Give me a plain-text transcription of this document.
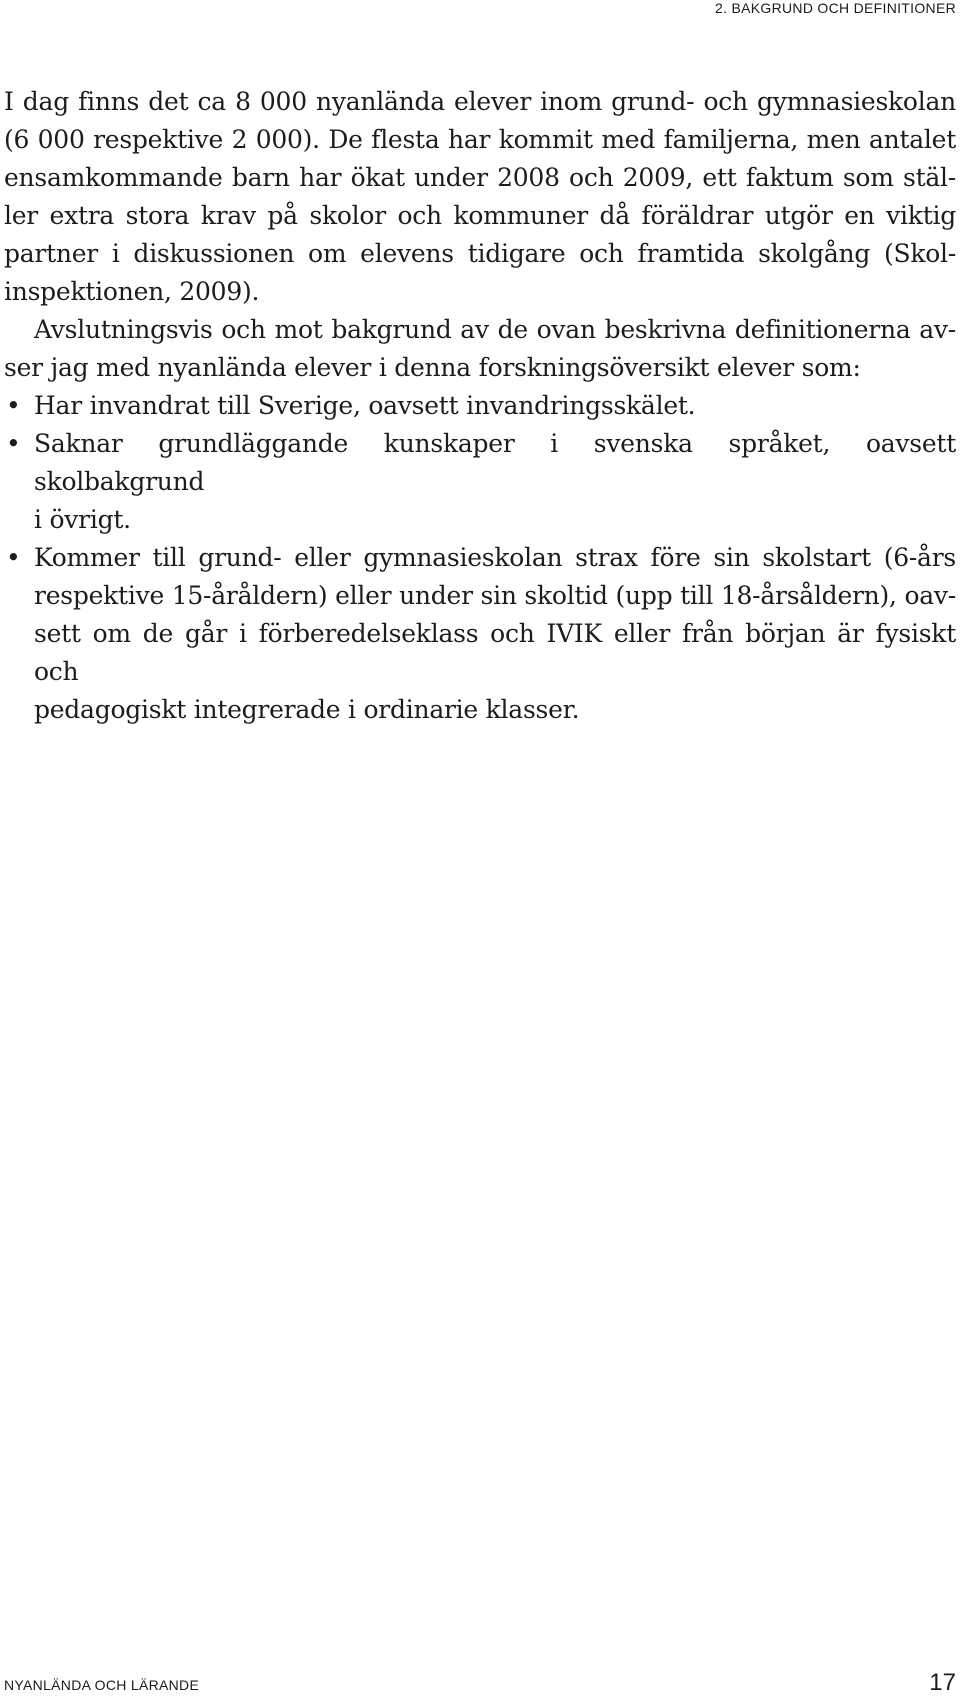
2. BAKGRUND OCH DEFINITIONER

I dag finns det ca 8 000 nyanlända elever inom grund- och gymnasieskolan
(6 000 respektive 2 000). De flesta har kommit med familjerna, men antalet
ensamkommande barn har ökat under 2008 och 2009, ett faktum som stäl-
ler extra stora krav på skolor och kommuner då föräldrar utgör en viktig
partner i diskussionen om elevens tidigare och framtida skolgång (Skol-
inspektionen, 2009).

Avslutningsvis och mot bakgrund av de ovan beskrivna definitionerna av-
ser jag med nyanlända elever i denna forskningsöversikt elever som:

• Har invandrat till Sverige, oavsett invandringsskälet.
• Saknar grundläggande kunskaper i svenska språket, oavsett skolbakgrund
i övrigt.
• Kommer till grund- eller gymnasieskolan strax före sin skolstart (6-års
respektive 15-åråldern) eller under sin skoltid (upp till 18-årsåldern), oav-
sett om de går i förberedelseklass och IVIK eller från början är fysiskt och
pedagogiskt integrerade i ordinarie klasser.
NYANLÄNDA OCH LÄRANDE	17
